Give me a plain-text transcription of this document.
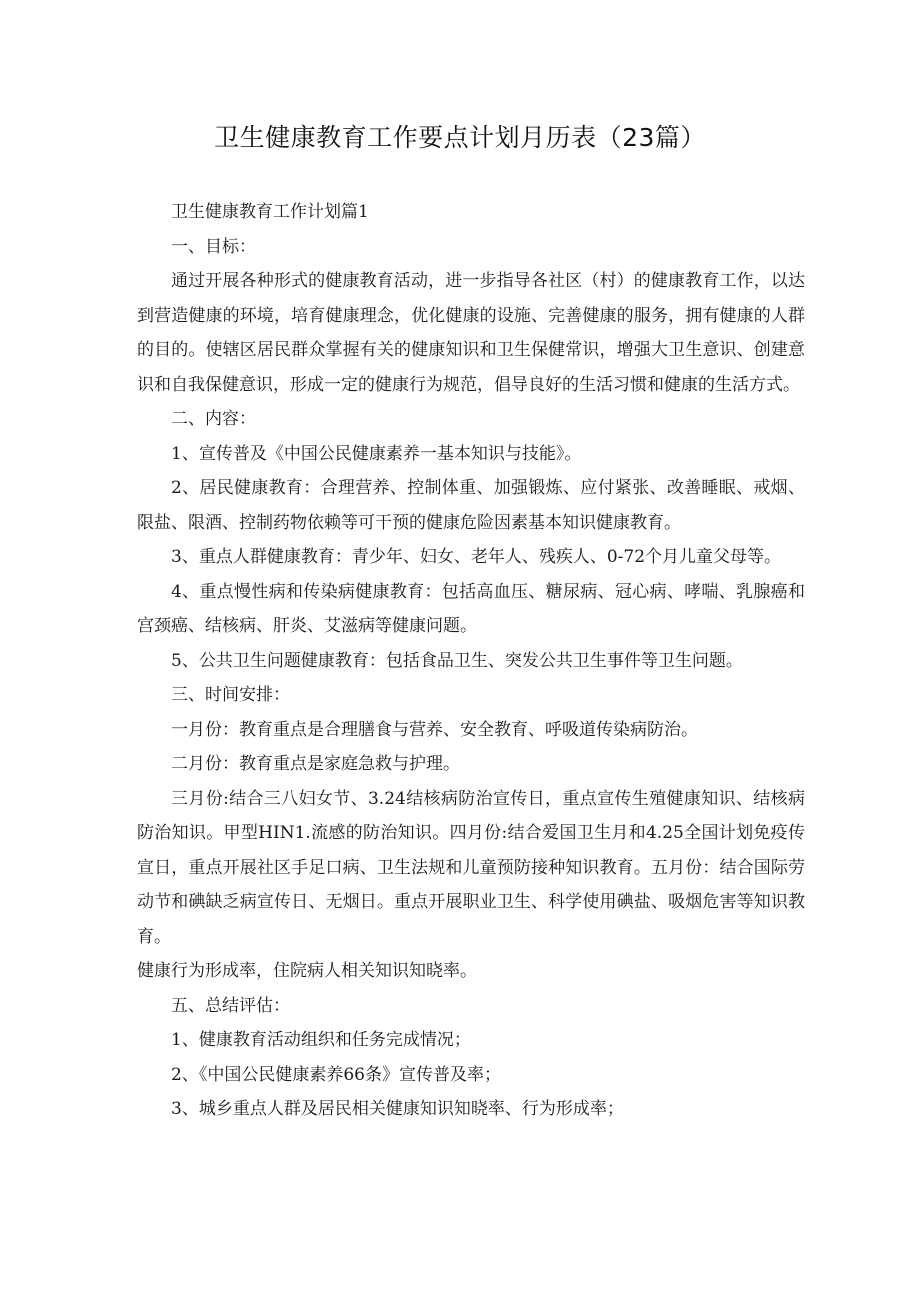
卫生健康教育工作要点计划月历表（23篇）

卫生健康教育工作计划篇1

一、目标：

通过开展各种形式的健康教育活动，进一步指导各社区（村）的健康教育工作，以达到营造健康的环境，培育健康理念，优化健康的设施、完善健康的服务，拥有健康的人群的目的。使辖区居民群众掌握有关的健康知识和卫生保健常识，增强大卫生意识、创建意识和自我保健意识，形成一定的健康行为规范，倡导良好的生活习惯和健康的生活方式。

二、内容：

1、宣传普及《中国公民健康素养一基本知识与技能》。

2、居民健康教育：合理营养、控制体重、加强锻炼、应付紧张、改善睡眠、戒烟、限盐、限酒、控制药物依赖等可干预的健康危险因素基本知识健康教育。

3、重点人群健康教育：青少年、妇女、老年人、残疾人、0-72个月儿童父母等。

4、重点慢性病和传染病健康教育：包括高血压、糖尿病、冠心病、哮喘、乳腺癌和宫颈癌、结核病、肝炎、艾滋病等健康问题。

5、公共卫生问题健康教育：包括食品卫生、突发公共卫生事件等卫生问题。

三、时间安排：

一月份：教育重点是合理膳食与营养、安全教育、呼吸道传染病防治。

二月份：教育重点是家庭急救与护理。

三月份:结合三八妇女节、3.24结核病防治宣传日，重点宣传生殖健康知识、结核病防治知识。甲型HIN1.流感的防治知识。四月份:结合爱国卫生月和4.25全国计划免疫传宣日，重点开展社区手足口病、卫生法规和儿童预防接种知识教育。五月份：结合国际劳动节和碘缺乏病宣传日、无烟日。重点开展职业卫生、科学使用碘盐、吸烟危害等知识教育。

健康行为形成率，住院病人相关知识知晓率。

五、总结评估：

1、健康教育活动组织和任务完成情况；

2、《中国公民健康素养66条》宣传普及率；

3、城乡重点人群及居民相关健康知识知晓率、行为形成率；
